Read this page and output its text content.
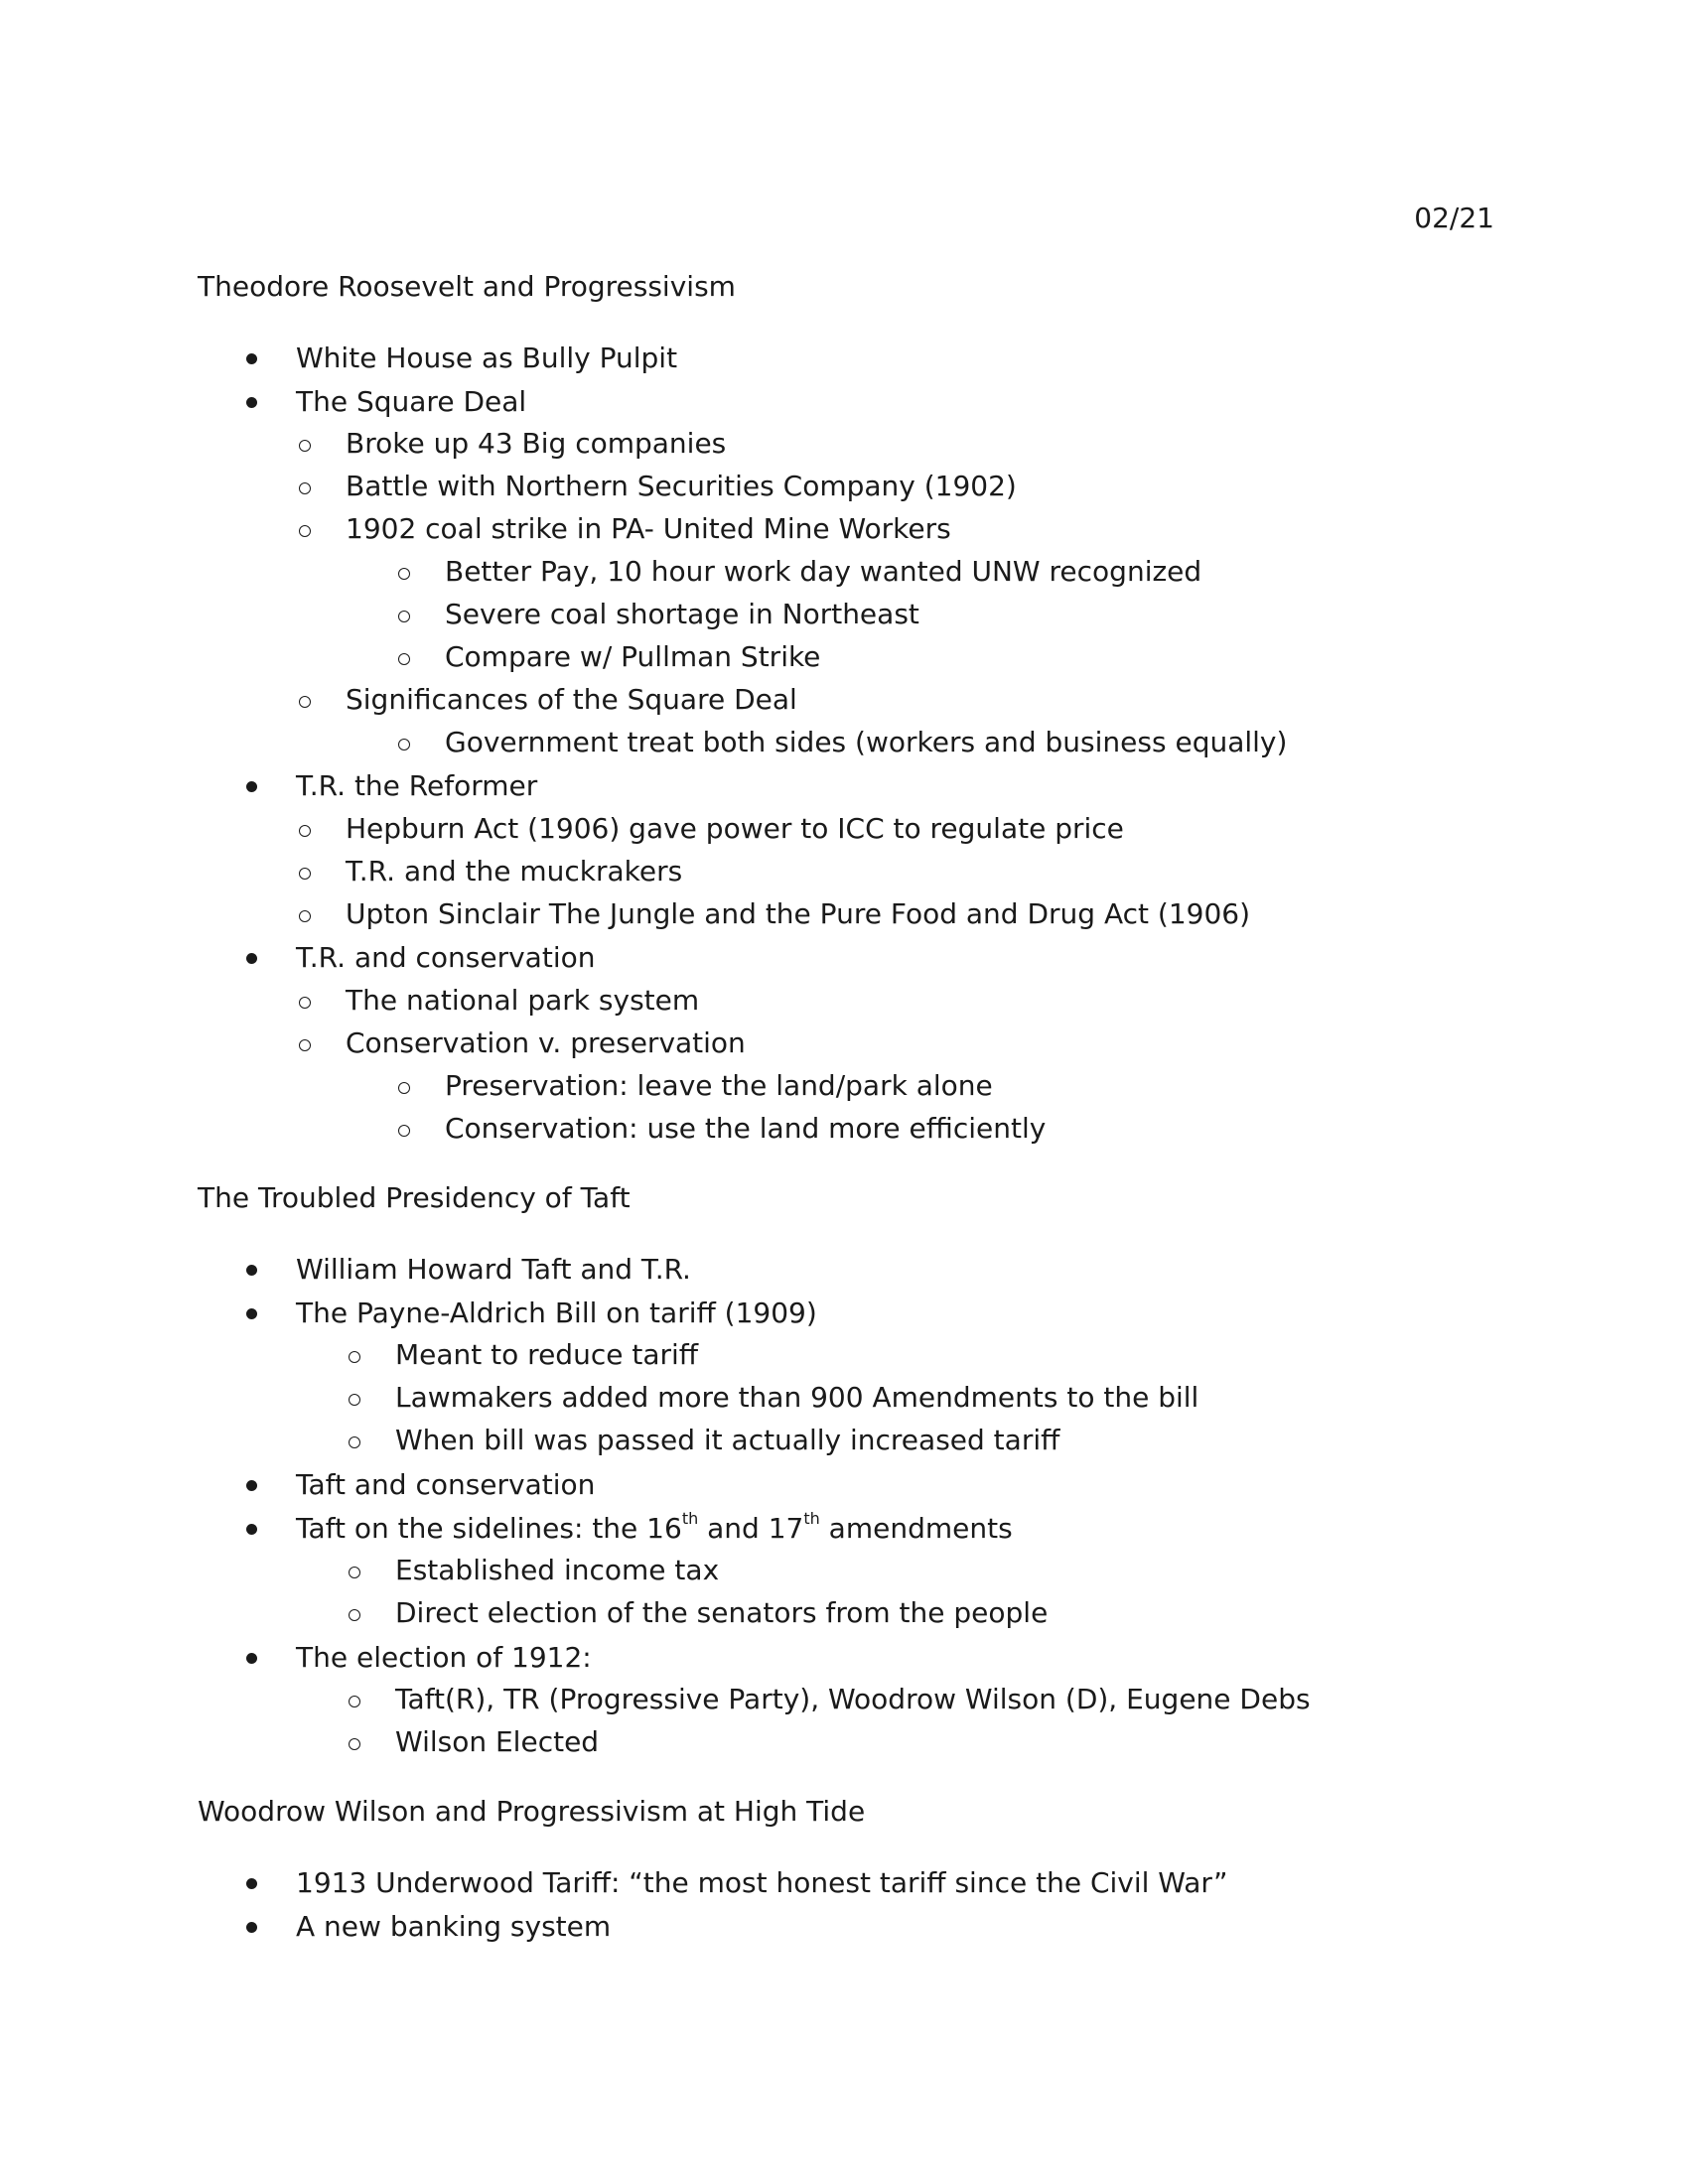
02/21
Theodore Roosevelt and Progressivism
White House as Bully Pulpit
The Square Deal
Broke up 43 Big companies
Battle with Northern Securities Company (1902)
1902 coal strike in PA- United Mine Workers
Better Pay, 10 hour work day wanted UNW recognized
Severe coal shortage in Northeast
Compare w/ Pullman Strike
Significances of the Square Deal
Government treat both sides (workers and business equally)
T.R. the Reformer
Hepburn Act (1906) gave power to ICC to regulate price
T.R. and the muckrakers
Upton Sinclair The Jungle and the Pure Food and Drug Act (1906)
T.R. and conservation
The national park system
Conservation v. preservation
Preservation: leave the land/park alone
Conservation: use the land more efficiently
The Troubled Presidency of Taft
William Howard Taft and T.R.
The Payne-Aldrich Bill on tariff (1909)
Meant to reduce tariff
Lawmakers added more than 900 Amendments to the bill
When bill was passed it actually increased tariff
Taft and conservation
Taft on the sidelines: the 16th and 17th amendments
Established income tax
Direct election of the senators from the people
The election of 1912:
Taft(R), TR (Progressive Party), Woodrow Wilson (D), Eugene Debs
Wilson Elected
Woodrow Wilson and Progressivism at High Tide
1913 Underwood Tariff: “the most honest tariff since the Civil War”
A new banking system
